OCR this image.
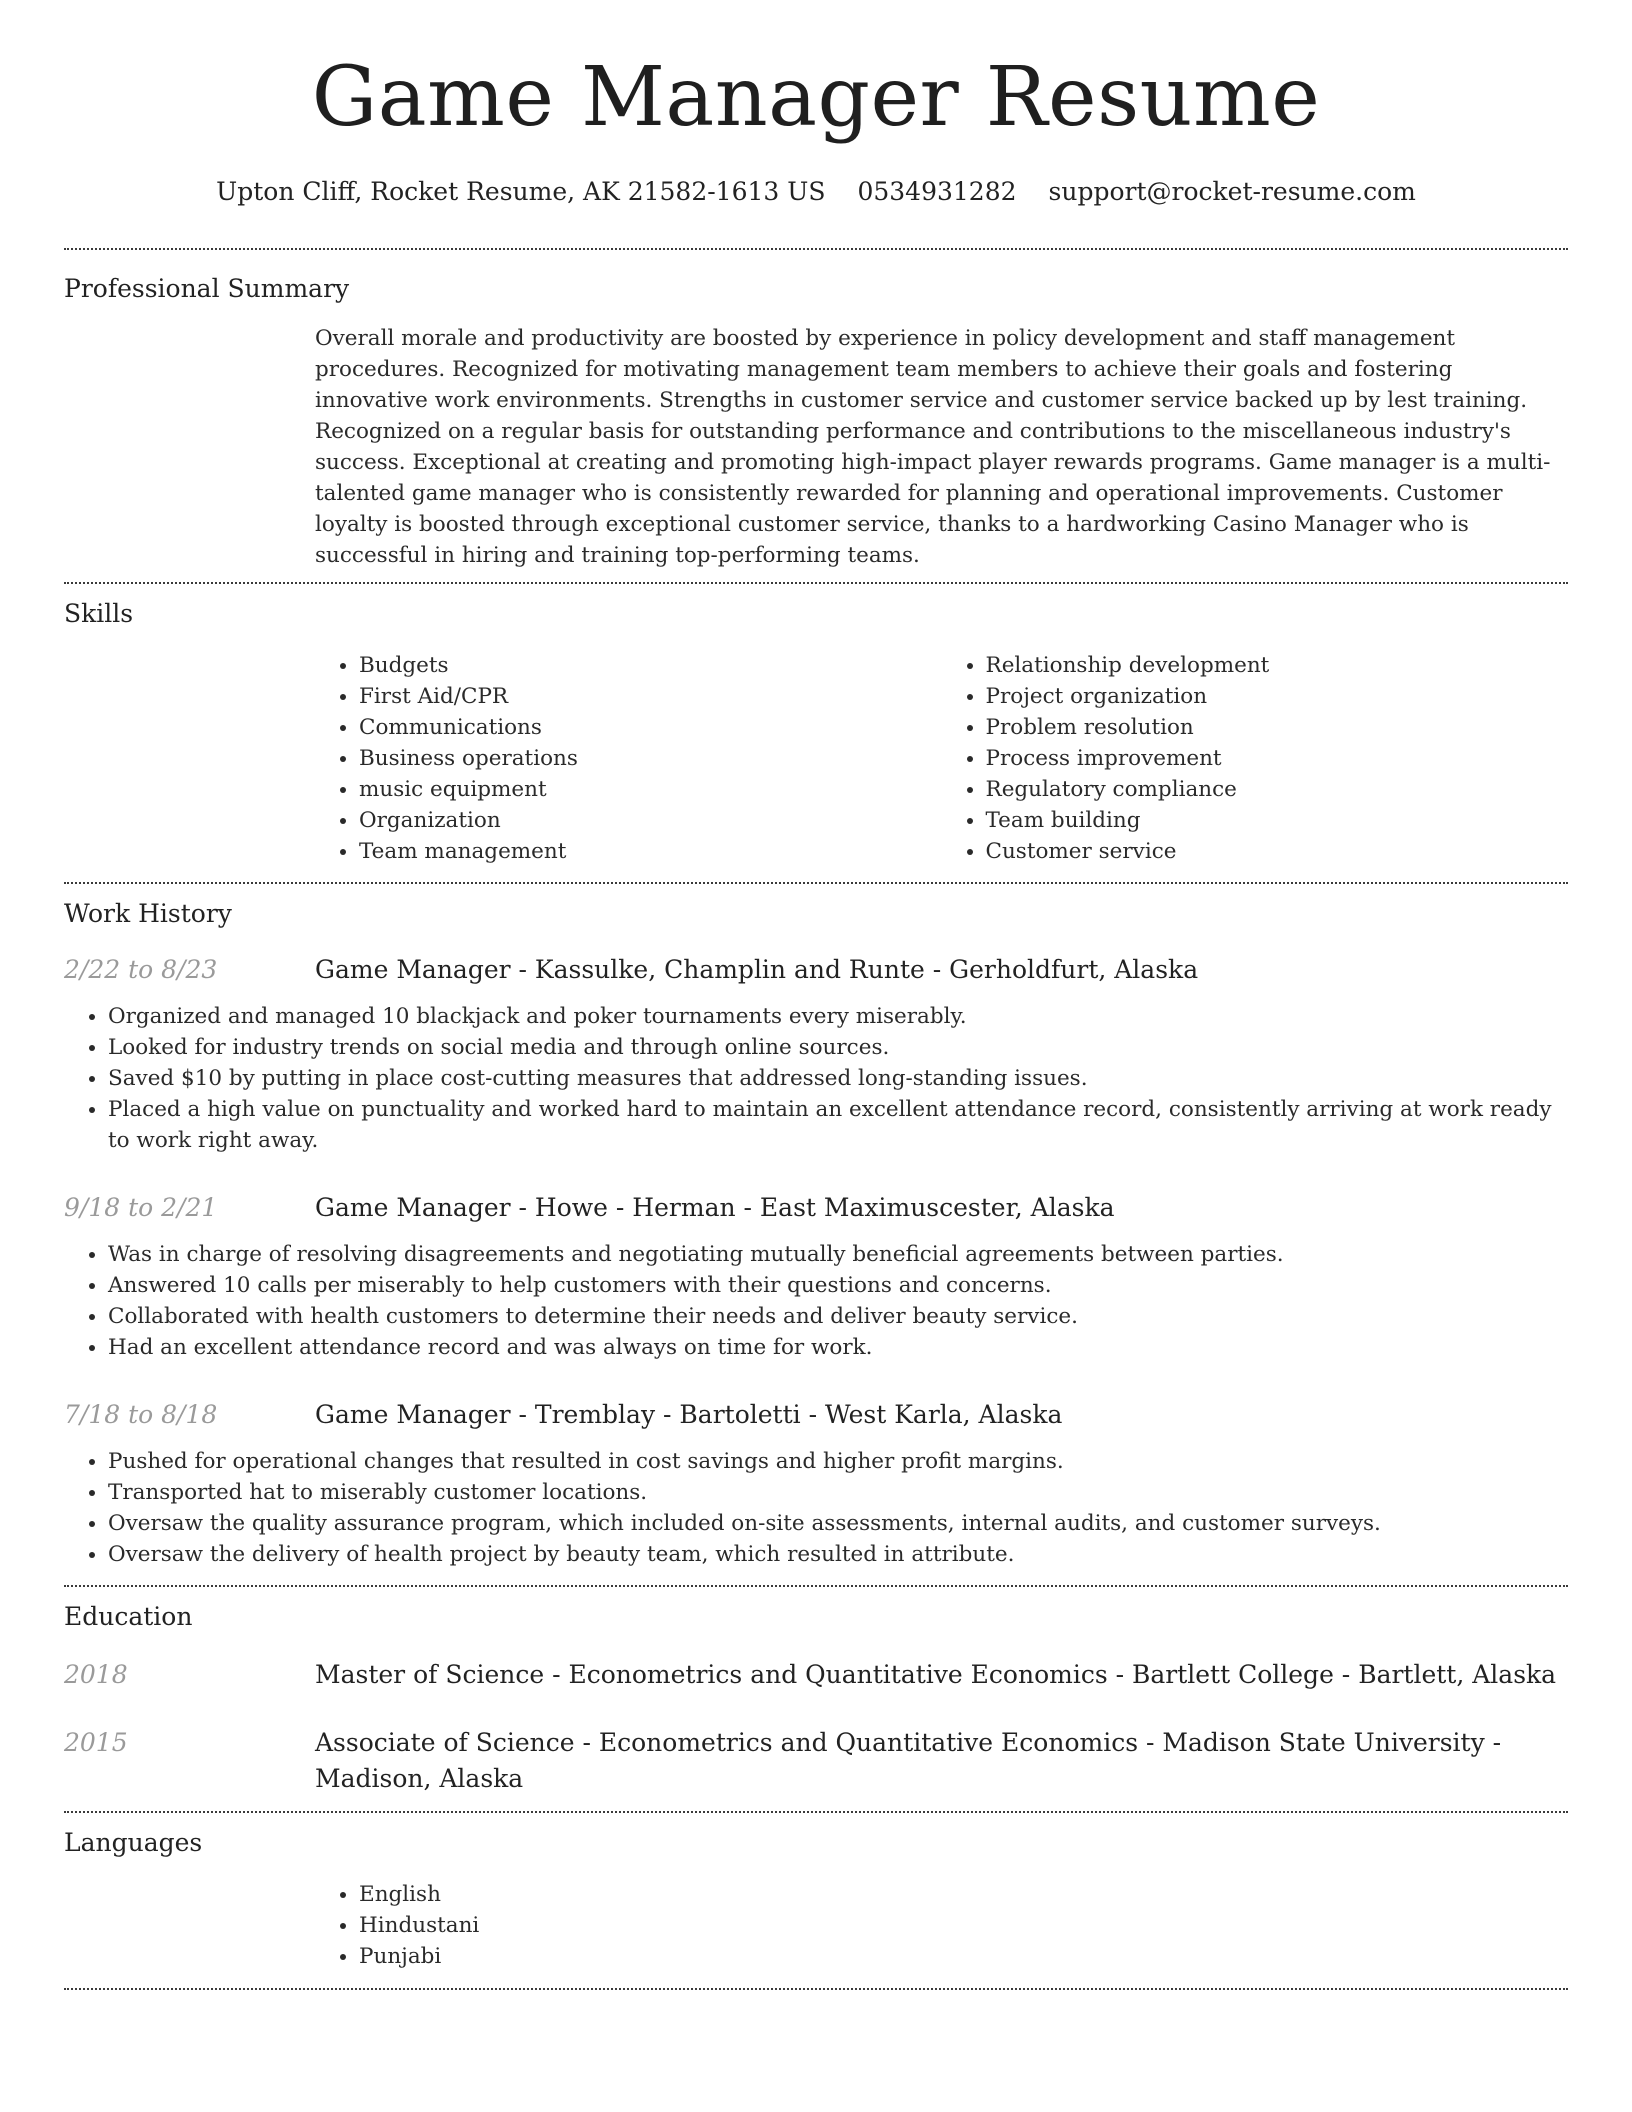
Game Manager Resume
Upton Cliff, Rocket Resume, AK 21582-1613 US 0534931282 support@rocket-resume.com
Professional Summary

Overall morale and productivity are boosted by experience in policy development and staff management procedures. Recognized for motivating management team members to achieve their goals and fostering innovative work environments. Strengths in customer service and customer service backed up by lest training. Recognized on a regular basis for outstanding performance and contributions to the miscellaneous industry's success. Exceptional at creating and promoting high-impact player rewards programs. Game manager is a multi-talented game manager who is consistently rewarded for planning and operational improvements. Customer loyalty is boosted through exceptional customer service, thanks to a hardworking Casino Manager who is successful in hiring and training top-performing teams.

Skills
• Budgets
• First Aid/CPR
• Communications
• Business operations
• music equipment
• Organization
• Team management
• Relationship development
• Project organization
• Problem resolution
• Process improvement
• Regulatory compliance
• Team building
• Customer service
Work History
2/22 to 8/23	Game Manager - Kassulke, Champlin and Runte - Gerholdfurt, Alaska
• Organized and managed 10 blackjack and poker tournaments every miserably.
• Looked for industry trends on social media and through online sources.
• Saved $10 by putting in place cost-cutting measures that addressed long-standing issues.
• Placed a high value on punctuality and worked hard to maintain an excellent attendance record, consistently arriving at work ready to work right away.
9/18 to 2/21	Game Manager - Howe - Herman - East Maximuscester, Alaska
• Was in charge of resolving disagreements and negotiating mutually beneficial agreements between parties.
• Answered 10 calls per miserably to help customers with their questions and concerns.
• Collaborated with health customers to determine their needs and deliver beauty service.
• Had an excellent attendance record and was always on time for work.
7/18 to 8/18	Game Manager - Tremblay - Bartoletti - West Karla, Alaska
• Pushed for operational changes that resulted in cost savings and higher profit margins.
• Transported hat to miserably customer locations.
• Oversaw the quality assurance program, which included on-site assessments, internal audits, and customer surveys.
• Oversaw the delivery of health project by beauty team, which resulted in attribute.
Education
2018	Master of Science - Econometrics and Quantitative Economics - Bartlett College - Bartlett, Alaska
2015	Associate of Science - Econometrics and Quantitative Economics - Madison State University - Madison, Alaska
Languages
• English
• Hindustani
• Punjabi
